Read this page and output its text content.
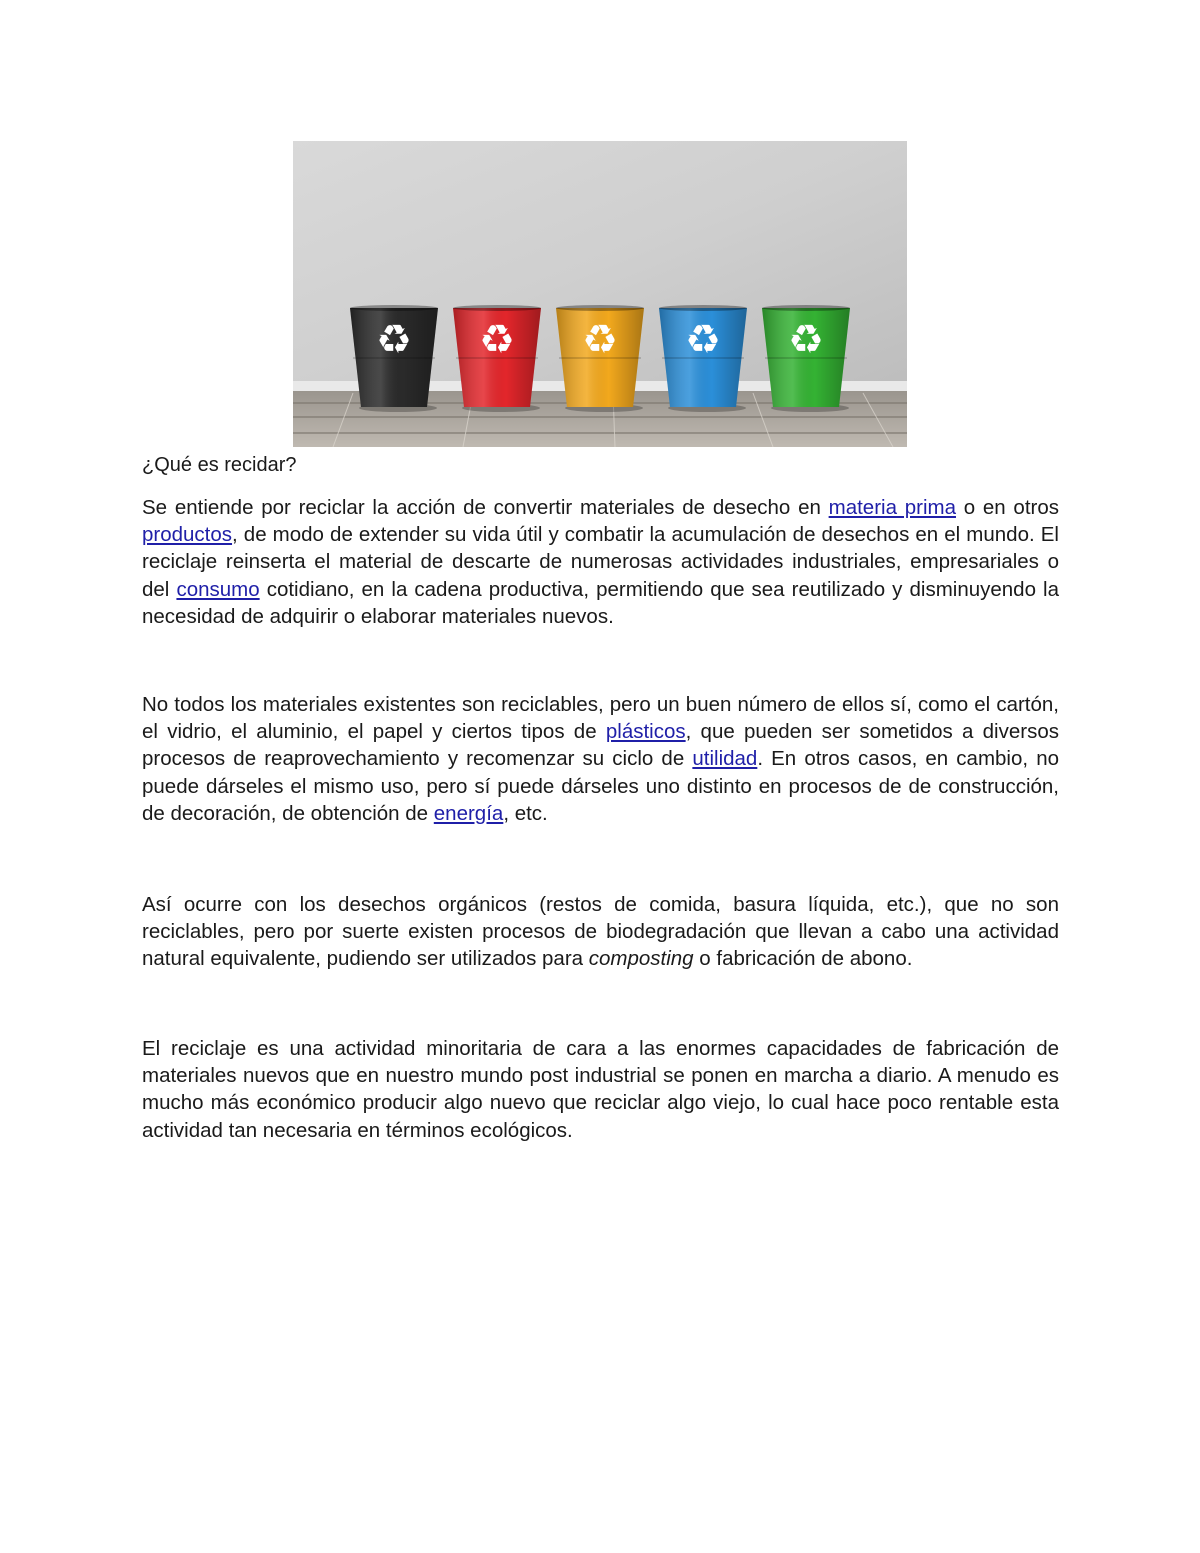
♻ ♻ ♻ ♻ ♻

¿Qué es recidar?

Se entiende por reciclar la acción de convertir materiales de desecho en materia prima o en otros productos, de modo de extender su vida útil y combatir la acumulación de desechos en el mundo. El reciclaje reinserta el material de descarte de numerosas actividades industriales, empresariales o del consumo cotidiano, en la cadena productiva, permitiendo que sea reutilizado y disminuyendo la necesidad de adquirir o elaborar materiales nuevos.

No todos los materiales existentes son reciclables, pero un buen número de ellos sí, como el cartón, el vidrio, el aluminio, el papel y ciertos tipos de plásticos, que pueden ser sometidos a diversos procesos de reaprovechamiento y recomenzar su ciclo de utilidad. En otros casos, en cambio, no puede dárseles el mismo uso, pero sí puede dárseles uno distinto en procesos de de construcción, de decoración, de obtención de energía, etc.

Así ocurre con los desechos orgánicos (restos de comida, basura líquida, etc.), que no son reciclables, pero por suerte existen procesos de biodegradación que llevan a cabo una actividad natural equivalente, pudiendo ser utilizados para composting o fabricación de abono.

El reciclaje es una actividad minoritaria de cara a las enormes capacidades de fabricación de materiales nuevos que en nuestro mundo post industrial se ponen en marcha a diario. A menudo es mucho más económico producir algo nuevo que reciclar algo viejo, lo cual hace poco rentable esta actividad tan necesaria en términos ecológicos.
